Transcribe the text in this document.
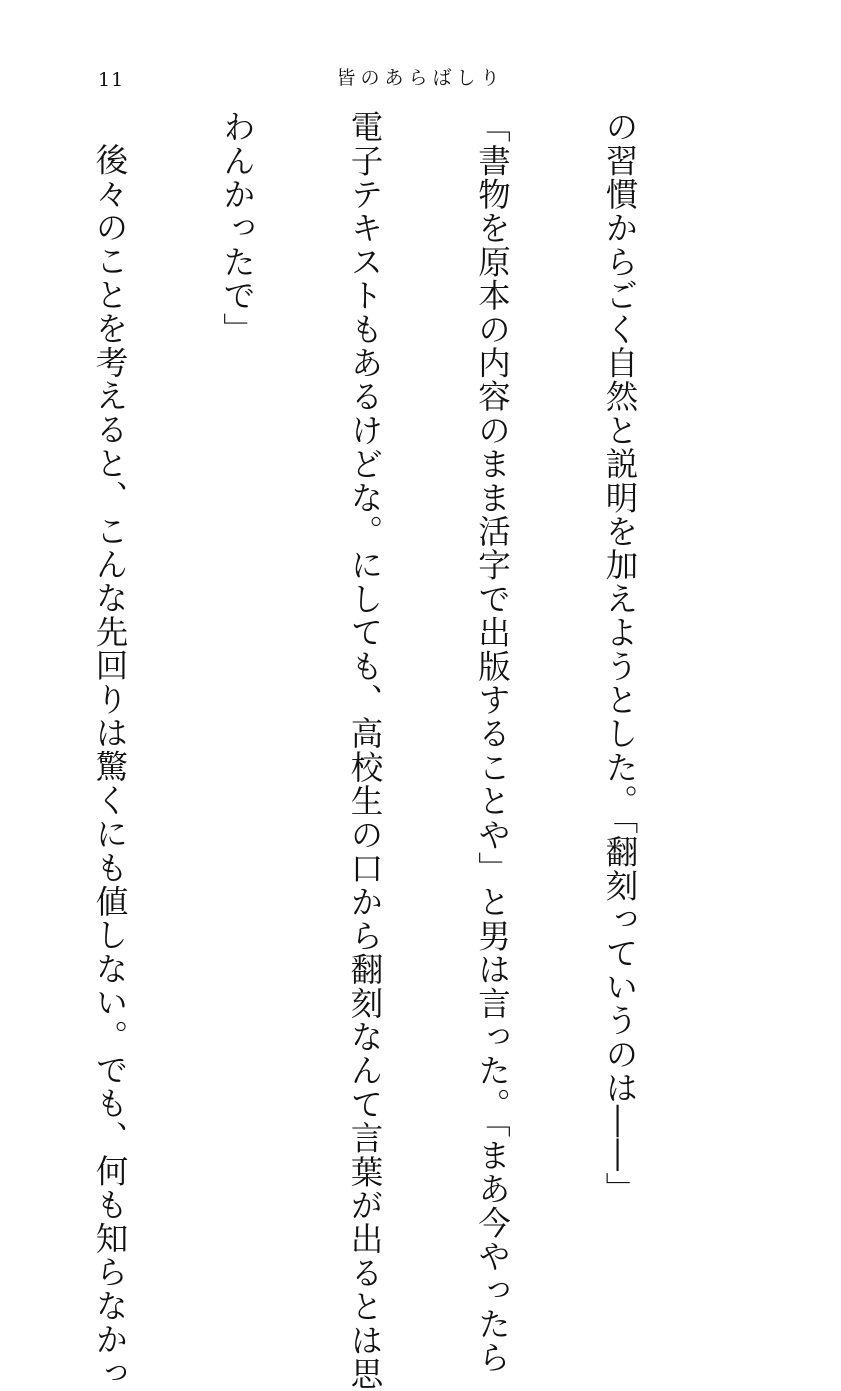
11	皆のあらばしり

の習慣からごく自然と説明を加えようとした。「翻刻っていうのは――」

「書物を原本の内容のまま活字で出版することや」と男は言った。「まあ今やったら

電子テキストもあるけどな。にしても、高校生の口から翻刻なんて言葉が出るとは思

わんかったで」

後々のことを考えると、こんな先回りは驚くにも値しない。でも、何も知らなかっ
